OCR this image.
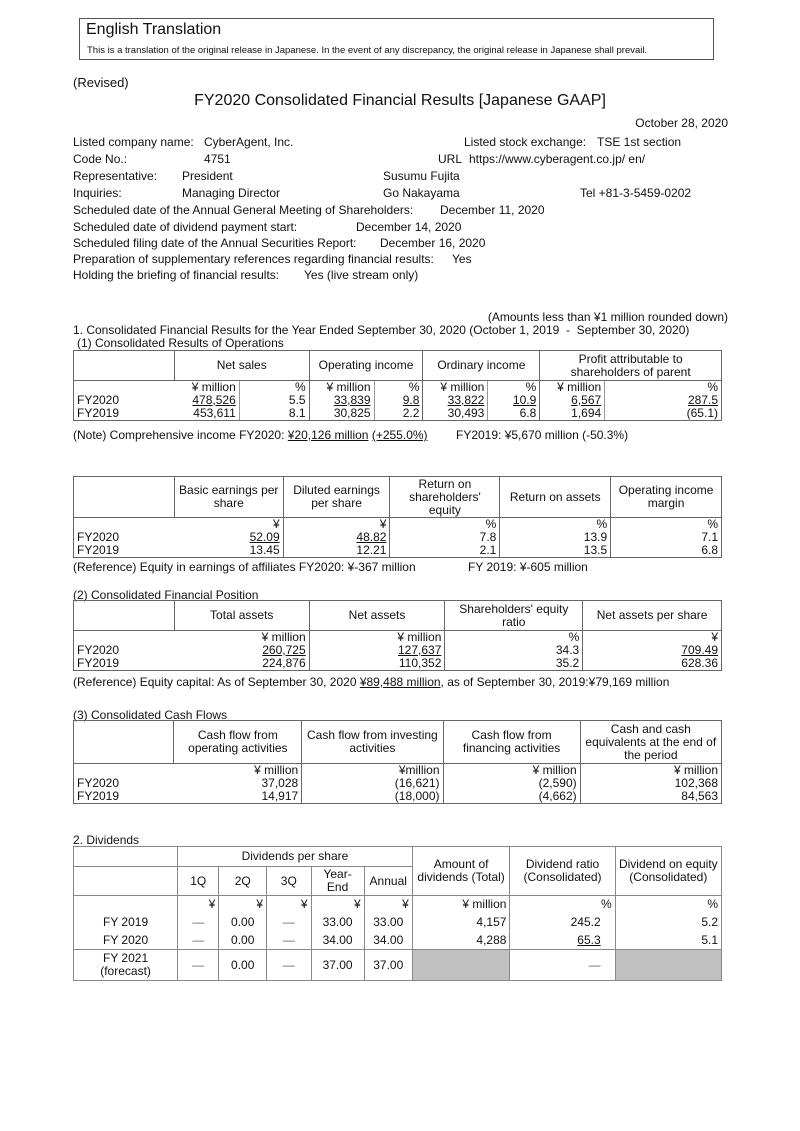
English Translation
This is a translation of the original release in Japanese. In the event of any discrepancy, the original release in Japanese shall prevail.
(Revised)
FY2020 Consolidated Financial Results [Japanese GAAP]
October 28, 2020
Listed company name: CyberAgent, Inc.	Listed stock exchange: TSE 1st section
Code No.:	4751	URL https://www.cyberagent.co.jp/ en/
Representative: President	Susumu Fujita
Inquiries:	Managing Director	Go Nakayama	Tel +81-3-5459-0202
Scheduled date of the Annual General Meeting of Shareholders: December 11, 2020
Scheduled date of dividend payment start:	December 14, 2020
Scheduled filing date of the Annual Securities Report: December 16, 2020
Preparation of supplementary references regarding financial results: Yes
Holding the briefing of financial results: Yes (live stream only)
(Amounts less than ¥1 million rounded down)
1. Consolidated Financial Results for the Year Ended September 30, 2020 (October 1, 2019  -  September 30, 2020)
(1) Consolidated Results of Operations
	Net sales		Operating income		Ordinary income		Profit attributable to shareholders of parent	
	¥ million	%	¥ million	%	¥ million	%	¥ million	%
FY2020	478,526	5.5	33,839	9.8	33,822	10.9	6,567	287.5
FY2019	453,611	8.1	30,825	2.2	30,493	6.8	1,694	(65.1)
(Note) Comprehensive income FY2020: ¥20,126 million (+255.0%) FY2019: ¥5,670 million (-50.3%)
	Basic earnings per share	Diluted earnings per share	Return on shareholders' equity	Return on assets	Operating income margin
	¥	¥	%	%	%
FY2020	52.09	48.82	7.8	13.9	7.1
FY2019	13.45	12.21	2.1	13.5	6.8
(Reference) Equity in earnings of affiliates FY2020: ¥-367 million	FY 2019: ¥-605 million
(2) Consolidated Financial Position
	Total assets	Net assets	Shareholders' equity ratio	Net assets per share
	¥ million	¥ million	%	¥
FY2020	260,725	127,637	34.3	709.49
FY2019	224,876	110,352	35.2	628.36
(Reference) Equity capital: As of September 30, 2020 ¥89,488 million, as of September 30, 2019:¥79,169 million
(3) Consolidated Cash Flows
	Cash flow from operating activities	Cash flow from investing activities	Cash flow from financing activities	Cash and cash equivalents at the end of the period
	¥ million	¥million	¥ million	¥ million
FY2020	37,028	(16,621)	(2,590)	102,368
FY2019	14,917	(18,000)	(4,662)	84,563
2. Dividends
	Dividends per share					Amount of dividends (Total)	Dividend ratio (Consolidated)	Dividend on equity (Consolidated)
	1Q	2Q	3Q	Year-End	Annual			
	¥	¥	¥	¥	¥	¥ million	%	%
FY 2019	—	0.00	—	33.00	33.00	4,157	245.2	5.2
FY 2020	—	0.00	—	34.00	34.00	4,288	65.3	5.1
FY 2021 (forecast)	—	0.00	—	37.00	37.00		—	
